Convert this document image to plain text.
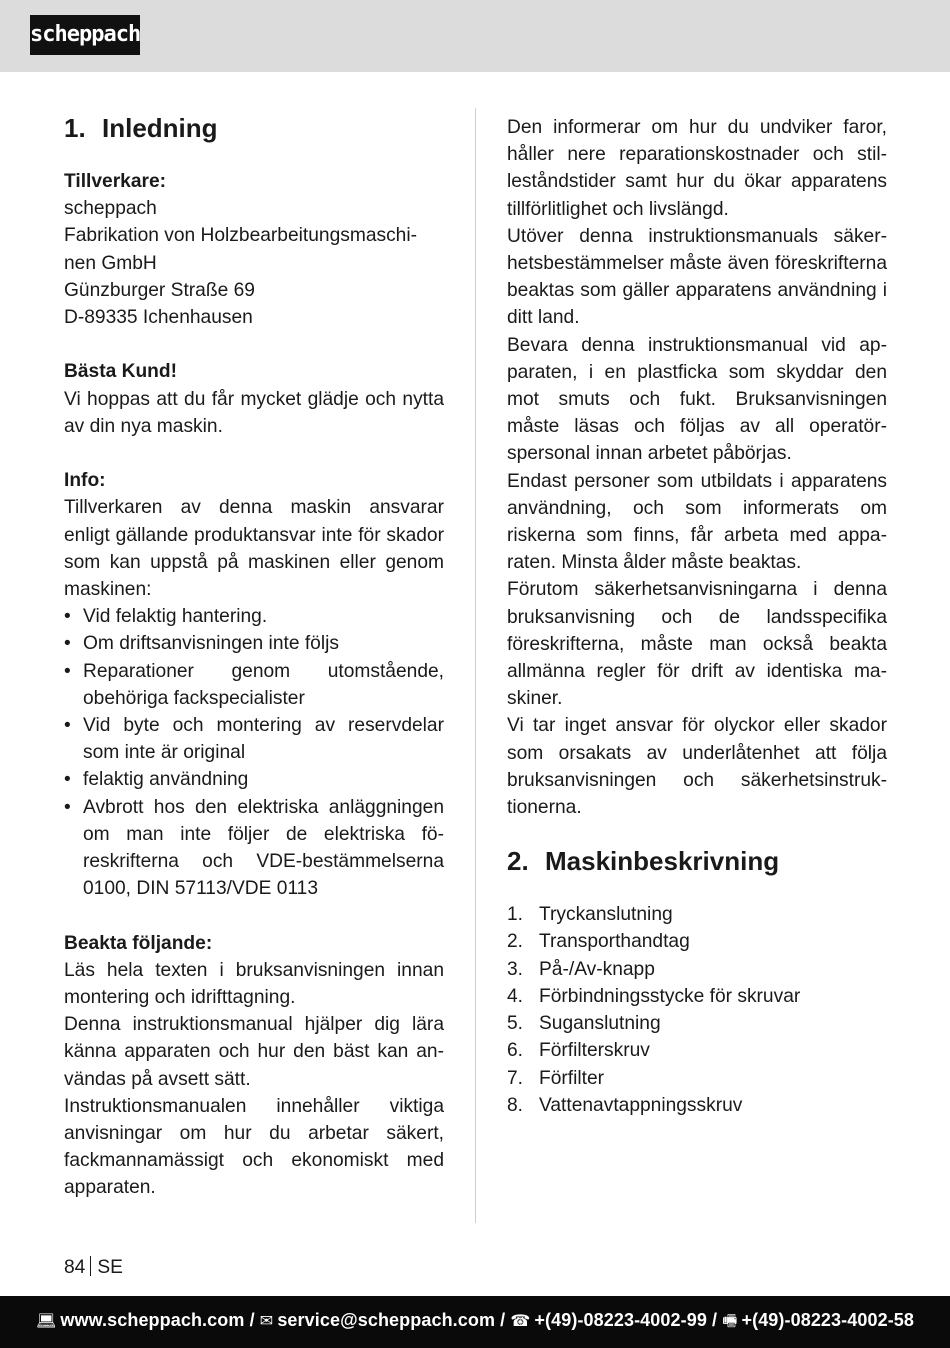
scheppach
1. Inledning

Tillverkare:

scheppach

Fabrikation von Holzbearbeitungsmaschi-

nen GmbH

Günzburger Straße 69

D-89335 Ichenhausen

Bästa Kund!

Vi hoppas att du får mycket glädje och nytta av din nya maskin.

Info:

Tillverkaren av denna maskin ansvarar enligt gällande produktansvar inte för skador som kan uppstå på maskinen eller genom maskinen:

• Vid felaktig hantering.
• Om driftsanvisningen inte följs
• Reparationer genom utomstående, obehöriga fackspecialister
• Vid byte och montering av reservdelar som inte är original
• felaktig användning
• Avbrott hos den elektriska anläggningen om man inte följer de elektriska föreskrifterna och VDE-bestämmelserna 0100, DIN 57113/VDE 0113

Beakta följande:

Läs hela texten i bruksanvisningen innan montering och idrifttagning.

Denna instruktionsmanual hjälper dig lära känna apparaten och hur den bäst kan användas på avsett sätt.

Instruktionsmanualen innehåller viktiga anvisningar om hur du arbetar säkert, fackmannamässigt och ekonomiskt med apparaten.

Den informerar om hur du undviker faror, håller nere reparationskostnader och stilleståndstider samt hur du ökar apparatens tillförlitlighet och livslängd.

Utöver denna instruktionsmanuals säkerhetsbestämmelser måste även föreskrifterna beaktas som gäller apparatens användning i ditt land.

Bevara denna instruktionsmanual vid apparaten, i en plastficka som skyddar den mot smuts och fukt. Bruksanvisningen måste läsas och följas av all operatörspersonal innan arbetet påbörjas.

Endast personer som utbildats i apparatens användning, och som informerats om riskerna som finns, får arbeta med apparaten. Minsta ålder måste beaktas.

Förutom säkerhetsanvisningarna i denna bruksanvisning och de landsspecifika föreskrifterna, måste man också beakta allmänna regler för drift av identiska maskiner.

Vi tar inget ansvar för olyckor eller skador som orsakats av underlåtenhet att följa bruksanvisningen och säkerhetsinstruktionerna.

2. Maskinbeskrivning
1. Tryckanslutning
2. Transporthandtag
3. På-/Av-knapp
4. Förbindningsstycke för skruvar
5. Suganslutning
6. Förfilterskruv
7. Förfilter
8. Vattenavtappningsskruv
84 SE
💻︎ www.scheppach.com / ✉ service@scheppach.com / ☎ +(49)-08223-4002-99 / 🖷︎ +(49)-08223-4002-58
